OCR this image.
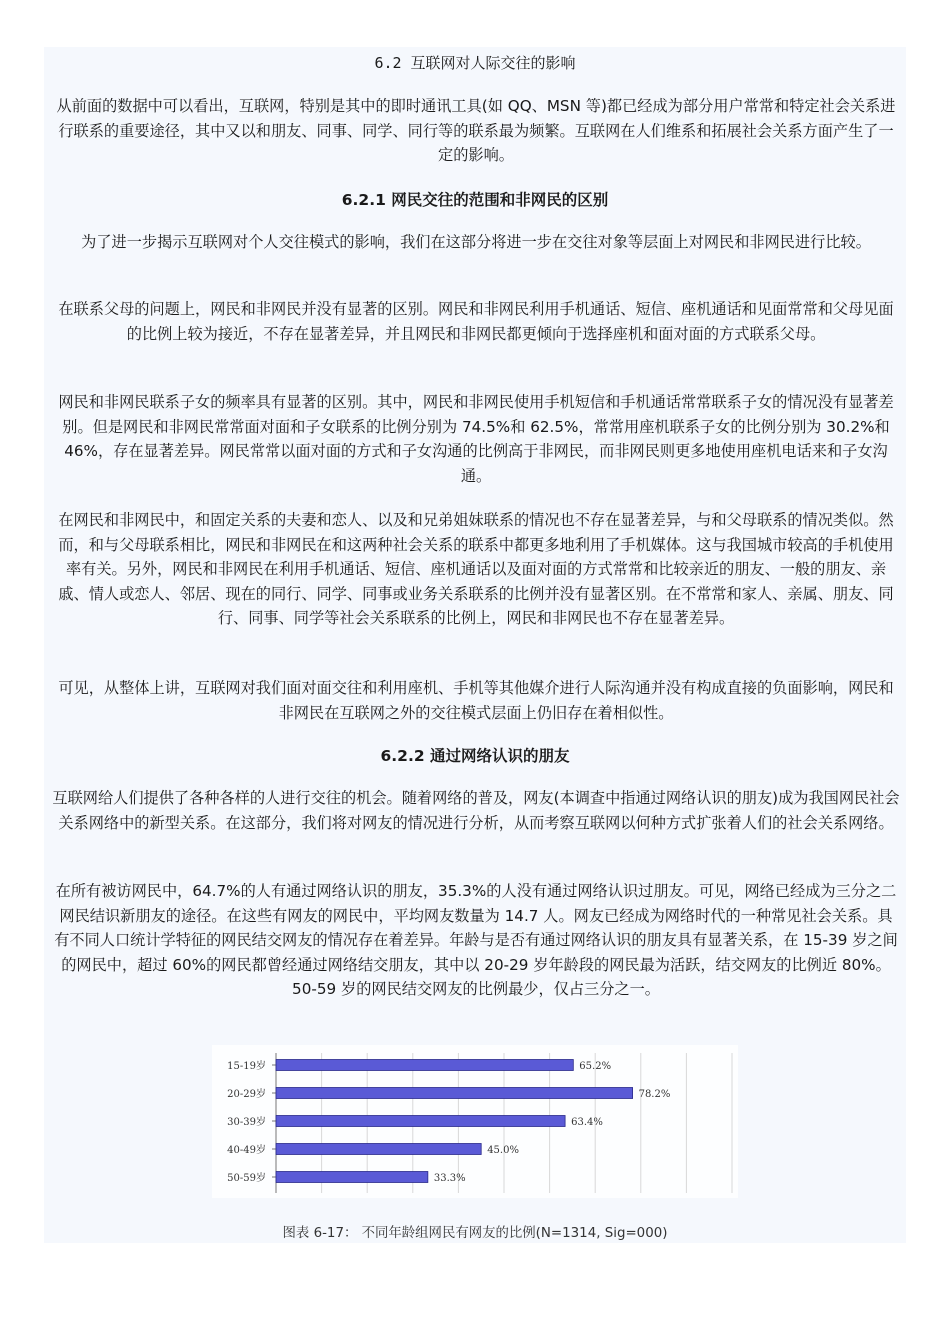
6.2 互联网对人际交往的影响

从前面的数据中可以看出，互联网，特别是其中的即时通讯工具(如 QQ、MSN 等)都已经成为部分用户常常和特定社会关系进行联系的重要途径，其中又以和朋友、同事、同学、同行等的联系最为频繁。互联网在人们维系和拓展社会关系方面产生了一定的影响。

6.2.1 网民交往的范围和非网民的区别

为了进一步揭示互联网对个人交往模式的影响，我们在这部分将进一步在交往对象等层面上对网民和非网民进行比较。

在联系父母的问题上，网民和非网民并没有显著的区别。网民和非网民利用手机通话、短信、座机通话和见面常常和父母见面的比例上较为接近，不存在显著差异，并且网民和非网民都更倾向于选择座机和面对面的方式联系父母。

网民和非网民联系子女的频率具有显著的区别。其中，网民和非网民使用手机短信和手机通话常常联系子女的情况没有显著差别。但是网民和非网民常常面对面和子女联系的比例分别为 74.5%和 62.5%，常常用座机联系子女的比例分别为 30.2%和 46%，存在显著差异。网民常常以面对面的方式和子女沟通的比例高于非网民，而非网民则更多地使用座机电话来和子女沟通。

在网民和非网民中，和固定关系的夫妻和恋人、以及和兄弟姐妹联系的情况也不存在显著差异，与和父母联系的情况类似。然而，和与父母联系相比，网民和非网民在和这两种社会关系的联系中都更多地利用了手机媒体。这与我国城市较高的手机使用率有关。另外，网民和非网民在利用手机通话、短信、座机通话以及面对面的方式常常和比较亲近的朋友、一般的朋友、亲戚、情人或恋人、邻居、现在的同行、同学、同事或业务关系联系的比例并没有显著区别。在不常常和家人、亲属、朋友、同行、同事、同学等社会关系联系的比例上，网民和非网民也不存在显著差异。

可见，从整体上讲，互联网对我们面对面交往和利用座机、手机等其他媒介进行人际沟通并没有构成直接的负面影响，网民和非网民在互联网之外的交往模式层面上仍旧存在着相似性。

6.2.2 通过网络认识的朋友

互联网给人们提供了各种各样的人进行交往的机会。随着网络的普及，网友(本调查中指通过网络认识的朋友)成为我国网民社会关系网络中的新型关系。在这部分，我们将对网友的情况进行分析，从而考察互联网以何种方式扩张着人们的社会关系网络。

在所有被访网民中，64.7%的人有通过网络认识的朋友，35.3%的人没有通过网络认识过朋友。可见，网络已经成为三分之二网民结识新朋友的途径。在这些有网友的网民中，平均网友数量为 14.7 人。网友已经成为网络时代的一种常见社会关系。具有不同人口统计学特征的网民结交网友的情况存在着差异。年龄与是否有通过网络认识的朋友具有显著关系，在 15-39 岁之间的网民中，超过 60%的网民都曾经通过网络结交朋友，其中以 20-29 岁年龄段的网民最为活跃，结交网友的比例近 80%。50-59 岁的网民结交网友的比例最少，仅占三分之一。

15-19岁	65.2%
20-29岁	78.2%
30-39岁	63.4%
40-49岁	45.0%
50-59岁	33.3%
图表 6-17： 不同年龄组网民有网友的比例(N=1314, Sig=000)
